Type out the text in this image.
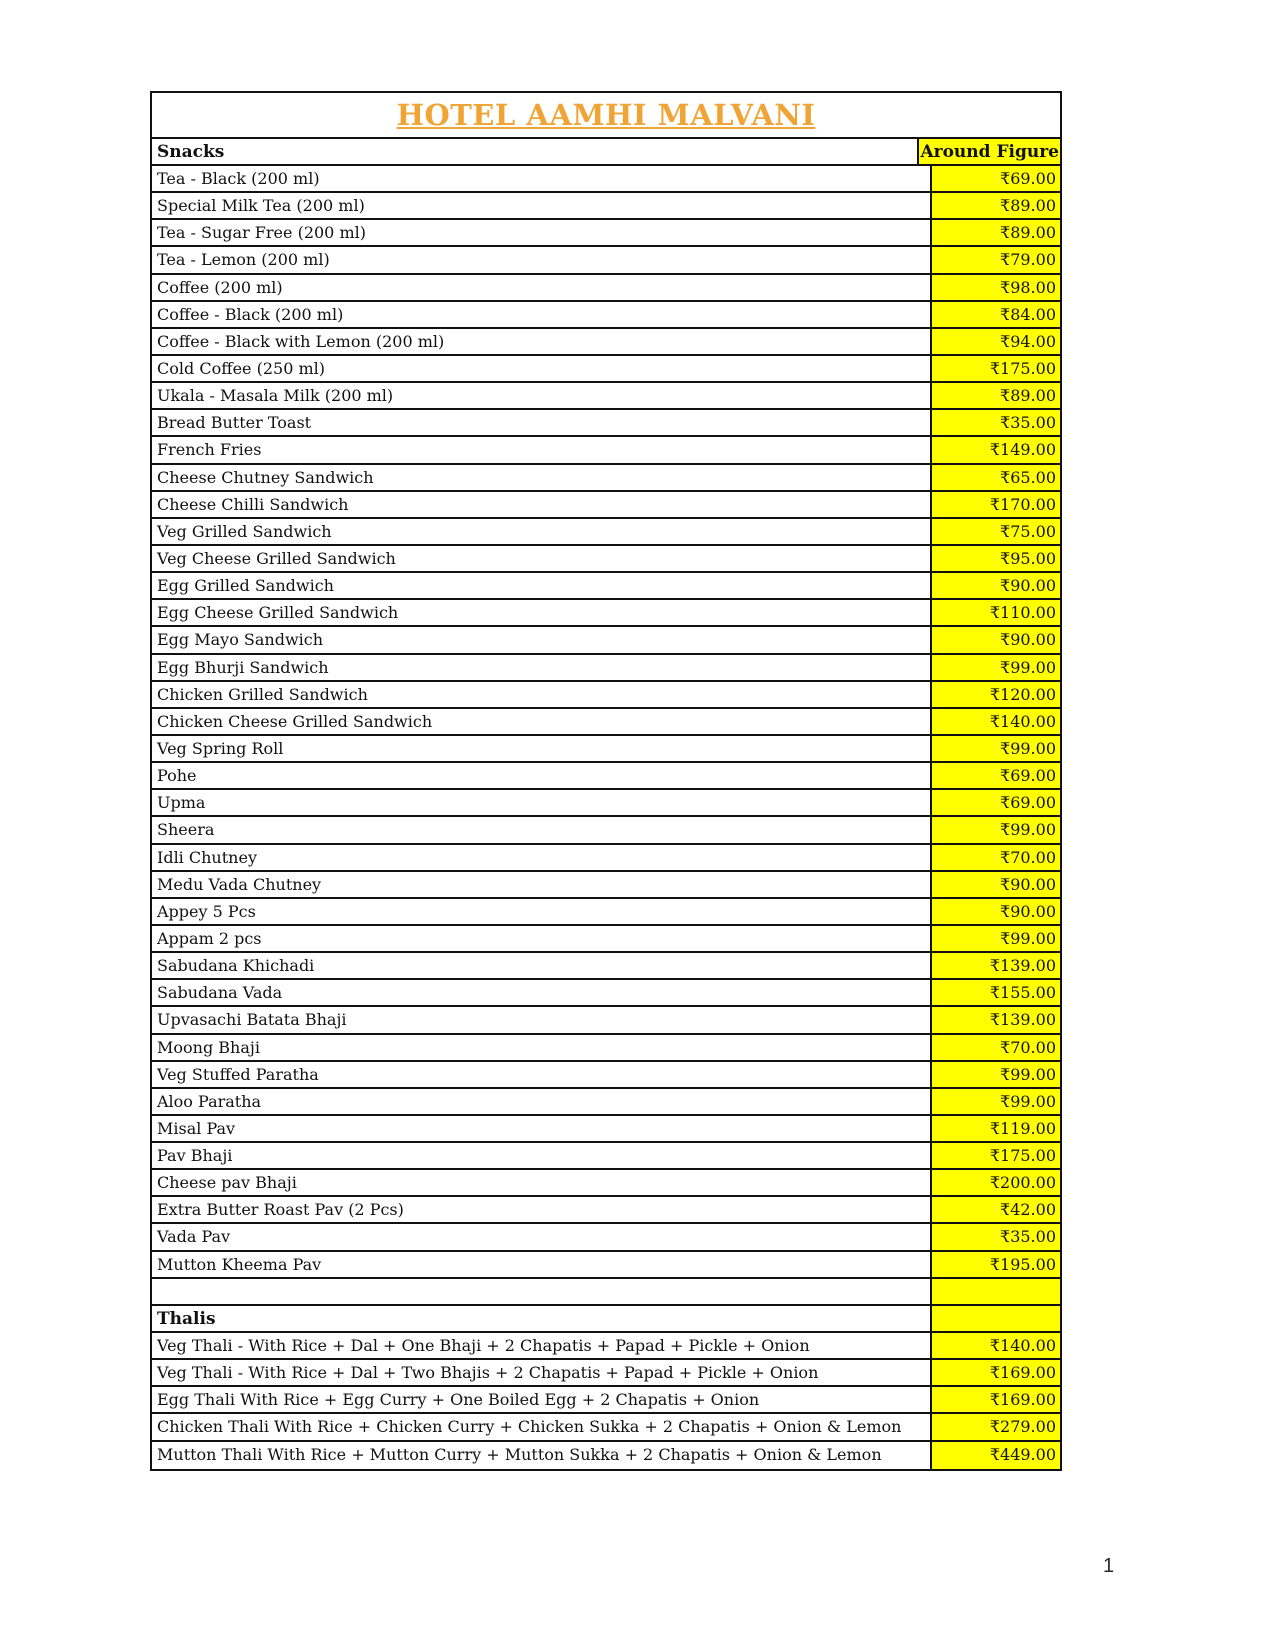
HOTEL AAMHI MALVANI
Snacks	Around Figure
Tea - Black (200 ml)	₹69.00
Special Milk Tea (200 ml)	₹89.00
Tea - Sugar Free (200 ml)	₹89.00
Tea - Lemon (200 ml)	₹79.00
Coffee (200 ml)	₹98.00
Coffee - Black (200 ml)	₹84.00
Coffee - Black with Lemon (200 ml)	₹94.00
Cold Coffee (250 ml)	₹175.00
Ukala - Masala Milk (200 ml)	₹89.00
Bread Butter Toast	₹35.00
French Fries	₹149.00
Cheese Chutney Sandwich	₹65.00
Cheese Chilli Sandwich	₹170.00
Veg Grilled Sandwich	₹75.00
Veg Cheese Grilled Sandwich	₹95.00
Egg Grilled Sandwich	₹90.00
Egg Cheese Grilled Sandwich	₹110.00
Egg Mayo Sandwich	₹90.00
Egg Bhurji Sandwich	₹99.00
Chicken Grilled Sandwich	₹120.00
Chicken Cheese Grilled Sandwich	₹140.00
Veg Spring Roll	₹99.00
Pohe	₹69.00
Upma	₹69.00
Sheera	₹99.00
Idli Chutney	₹70.00
Medu Vada Chutney	₹90.00
Appey 5 Pcs	₹90.00
Appam 2 pcs	₹99.00
Sabudana Khichadi	₹139.00
Sabudana Vada	₹155.00
Upvasachi Batata Bhaji	₹139.00
Moong Bhaji	₹70.00
Veg Stuffed Paratha	₹99.00
Aloo Paratha	₹99.00
Misal Pav	₹119.00
Pav Bhaji	₹175.00
Cheese pav Bhaji	₹200.00
Extra Butter Roast Pav (2 Pcs)	₹42.00
Vada Pav	₹35.00
Mutton Kheema Pav	₹195.00
Thalis
Veg Thali - With Rice + Dal + One Bhaji + 2 Chapatis + Papad + Pickle + Onion	₹140.00
Veg Thali - With Rice + Dal + Two Bhajis + 2 Chapatis + Papad + Pickle + Onion	₹169.00
Egg Thali With Rice + Egg Curry + One Boiled Egg + 2 Chapatis + Onion	₹169.00
Chicken Thali With Rice + Chicken Curry + Chicken Sukka + 2 Chapatis + Onion & Lemon	₹279.00
Mutton Thali With Rice + Mutton Curry + Mutton Sukka + 2 Chapatis + Onion & Lemon	₹449.00
1
